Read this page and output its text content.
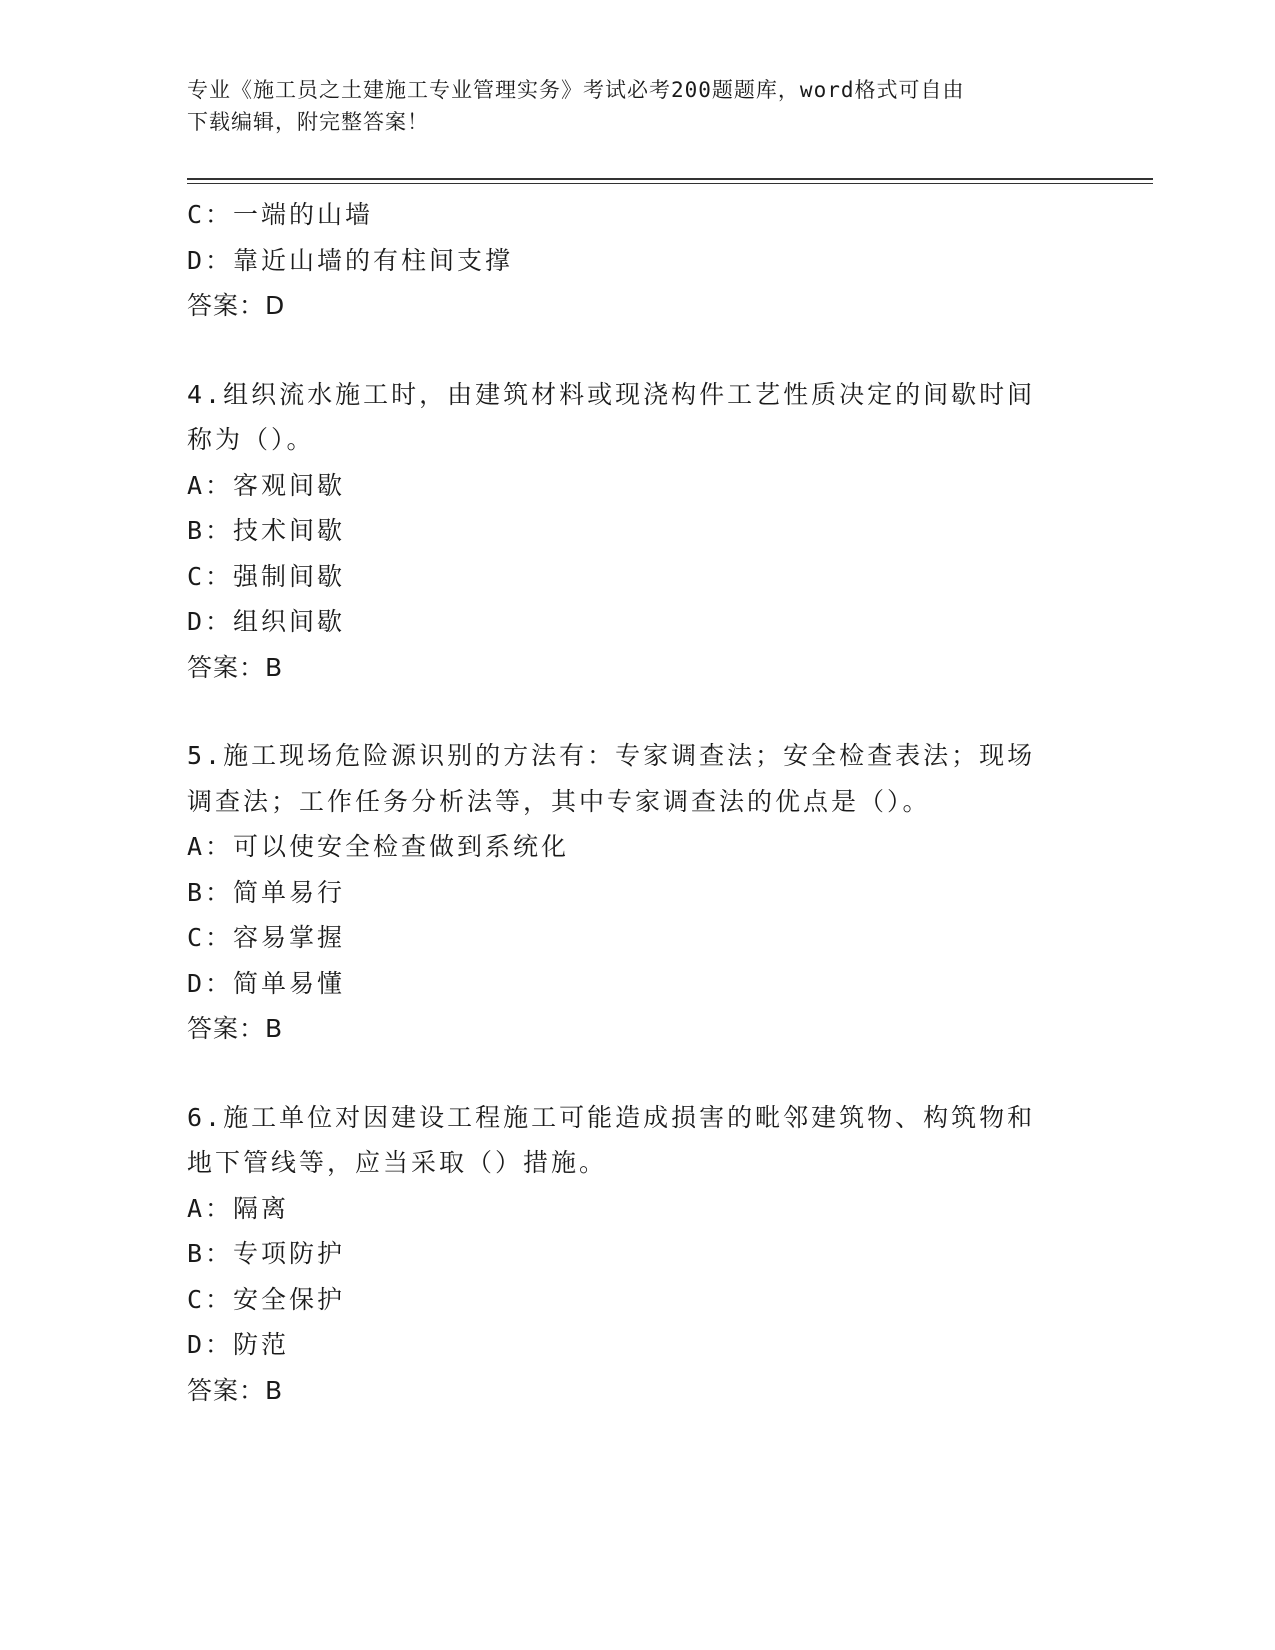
专业《施工员之土建施工专业管理实务》考试必考200题题库，word格式可自由
下载编辑，附完整答案！
C：一端的山墙
D：靠近山墙的有柱间支撑
答案：D
4.组织流水施工时，由建筑材料或现浇构件工艺性质决定的间歇时间
称为（）。
A：客观间歇
B：技术间歇
C：强制间歇
D：组织间歇
答案：B
5.施工现场危险源识别的方法有：专家调查法；安全检查表法；现场
调查法；工作任务分析法等，其中专家调查法的优点是（）。
A：可以使安全检查做到系统化
B：简单易行
C：容易掌握
D：简单易懂
答案：B
6.施工单位对因建设工程施工可能造成损害的毗邻建筑物、构筑物和
地下管线等，应当采取（）措施。
A：隔离
B：专项防护
C：安全保护
D：防范
答案：B
